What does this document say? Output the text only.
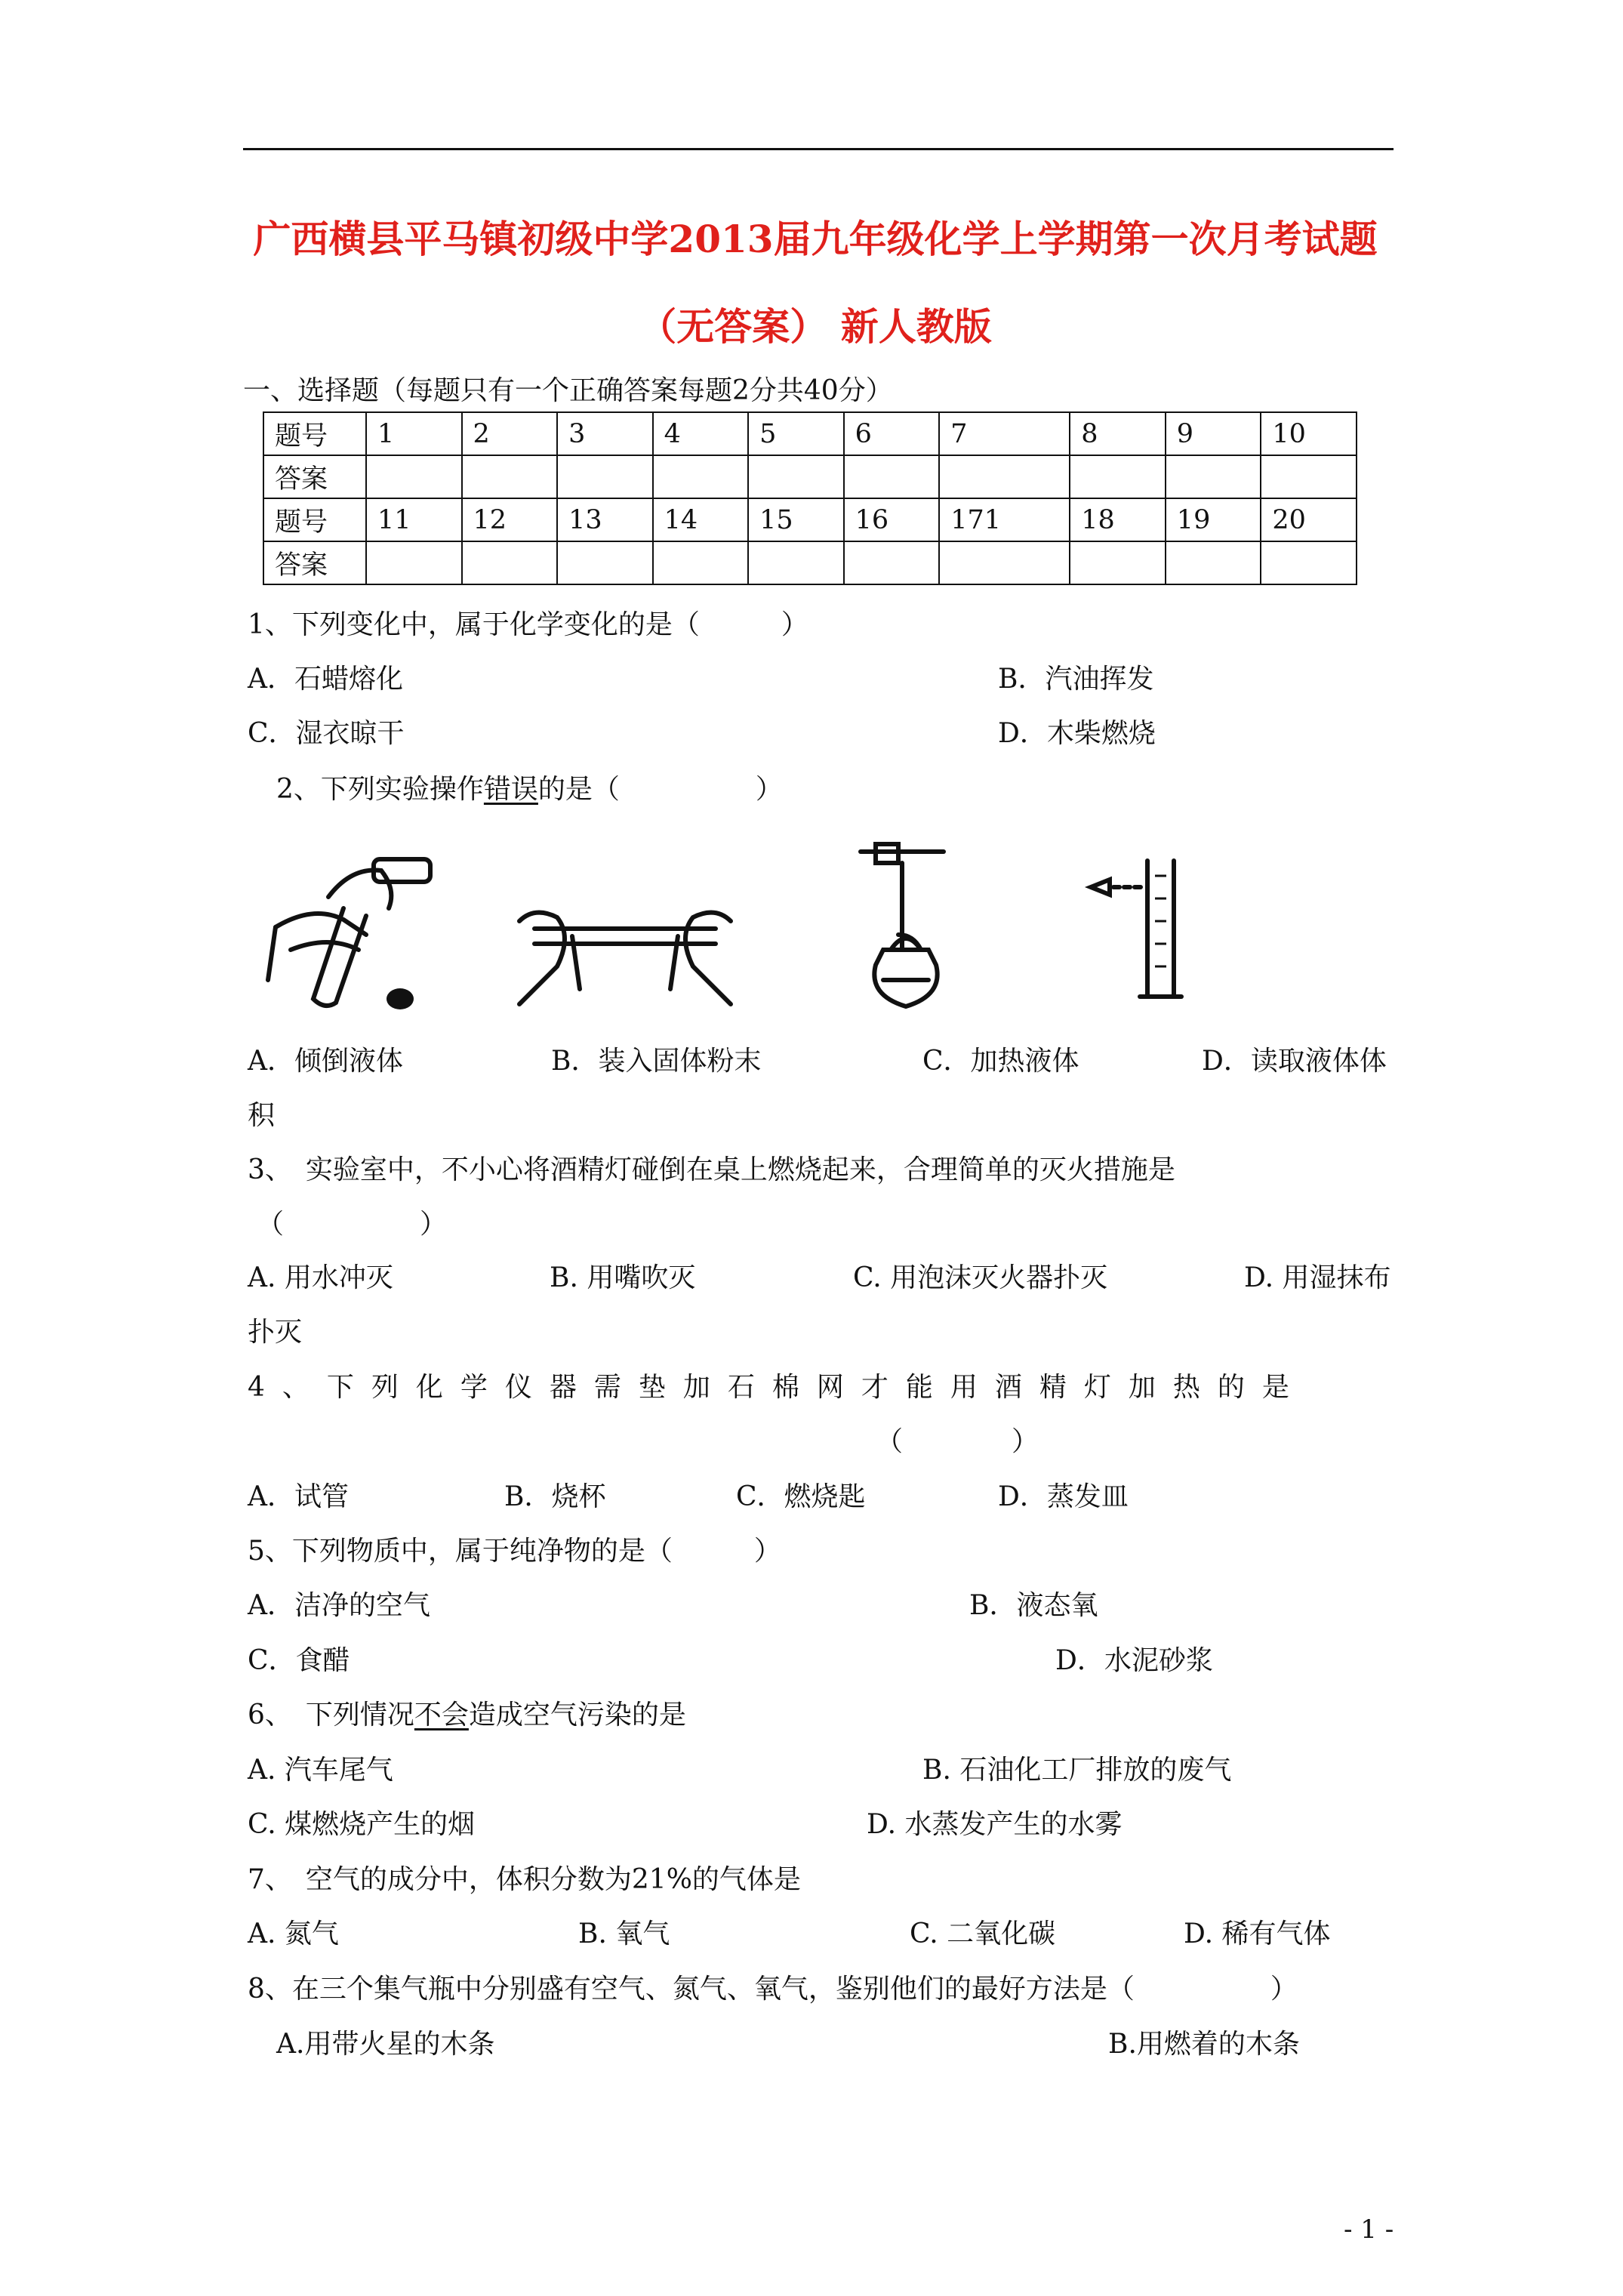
广西横县平马镇初级中学2013届九年级化学上学期第一次月考试题
（无答案） 新人教版
一、选择题（每题只有一个正确答案每题2分共40分）
题号	1	2	3	4	5	6	7	8	9	10
答案										
题号	11	12	13	14	15	16	171	18	19	20
答案										
1、下列变化中，属于化学变化的是（　　　）
A．石蜡熔化	B．汽油挥发
C．湿衣晾干	D．木柴燃烧
2、下列实验操作错误的是（　　　　　）
A．倾倒液体	B．装入固体粉末	C．加热液体	D．读取液体体
积
3、　实验室中，不小心将酒精灯碰倒在桌上燃烧起来，合理简单的灭火措施是
（　　　　　）
A. 用水冲灭	B. 用嘴吹灭	C. 用泡沫灭火器扑灭	D. 用湿抹布
扑灭
4、下列化学仪器需垫加石棉网才能用酒精灯加热的是
（　　　　）
A．试管	B．烧杯	C．燃烧匙	D．蒸发皿
5、下列物质中，属于纯净物的是（　　　）
A．洁净的空气	B．液态氧
C．食醋	D．水泥砂浆
6、　下列情况不会造成空气污染的是
A. 汽车尾气	B. 石油化工厂排放的废气
C. 煤燃烧产生的烟	D. 水蒸发产生的水雾
7、　空气的成分中，体积分数为21%的气体是
A. 氮气	B. 氧气	C. 二氧化碳	D. 稀有气体
8、在三个集气瓶中分别盛有空气、氮气、氧气，鉴别他们的最好方法是（　　　　　）
A.用带火星的木条	B.用燃着的木条
- 1 -
